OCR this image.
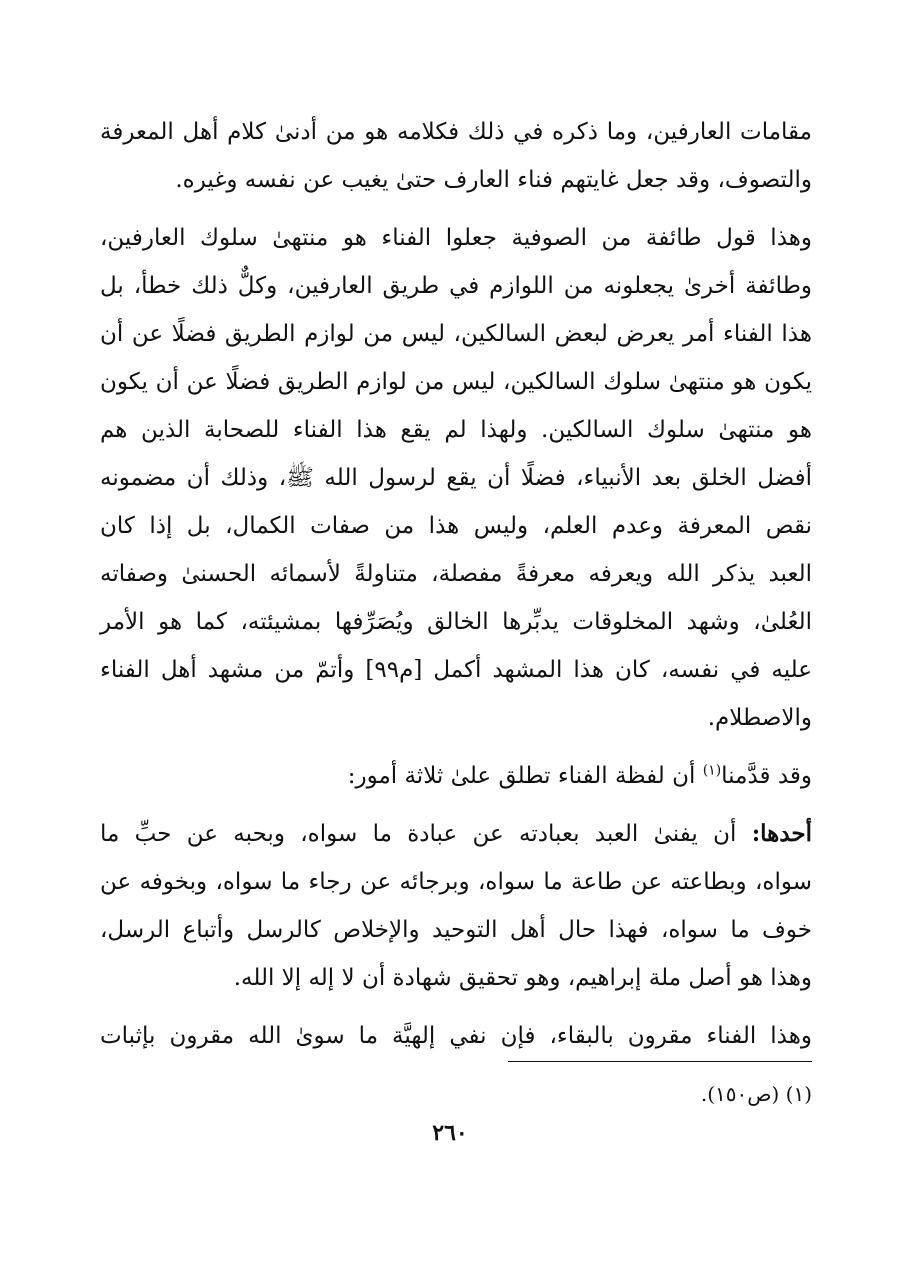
مقامات العارفين، وما ذكره في ذلك فكلامه هو من أدنىٰ كلام أهل المعرفة
والتصوف، وقد جعل غايتهم فناء العارف حتىٰ يغيب عن نفسه وغيره.
وهذا قول طائفة من الصوفية جعلوا الفناء هو منتهىٰ سلوك العارفين،
وطائفة أخرىٰ يجعلونه من اللوازم في طريق العارفين، وكلٌّ ذلك خطأ، بل
هذا الفناء أمر يعرض لبعض السالكين، ليس من لوازم الطريق فضلًا عن أن
يكون هو منتهىٰ سلوك السالكين، ليس من لوازم الطريق فضلًا عن أن يكون
هو منتهىٰ سلوك السالكين. ولهذا لم يقع هذا الفناء للصحابة الذين هم
أفضل الخلق بعد الأنبياء، فضلًا أن يقع لرسول الله ﷺ، وذلك أن مضمونه
نقص المعرفة وعدم العلم، وليس هذا من صفات الكمال، بل إذا كان
العبد يذكر الله ويعرفه معرفةً مفصلة، متناولةً لأسمائه الحسنىٰ وصفاته
العُلىٰ، وشهد المخلوقات يدبِّرها الخالق ويُصَرِّفها بمشيئته، كما هو الأمر
عليه في نفسه، كان هذا المشهد أكمل [م٩٩] وأتمّ من مشهد أهل الفناء
والاصطلام.
وقد قدَّمنا$^{(١)}$ أن لفظة الفناء تطلق علىٰ ثلاثة أمور:
أحدها: أن يفنىٰ العبد بعبادته عن عبادة ما سواه، وبحبه عن حبِّ ما
سواه، وبطاعته عن طاعة ما سواه، وبرجائه عن رجاء ما سواه، وبخوفه عن
خوف ما سواه، فهذا حال أهل التوحيد والإخلاص كالرسل وأتباع الرسل،
وهذا هو أصل ملة إبراهيم، وهو تحقيق شهادة أن لا إله إلا الله.
وهذا الفناء مقرون بالبقاء، فإن نفي إلهيَّة ما سوىٰ الله مقرون بإثبات
(١) (ص١٥٠).
٢٦٠
